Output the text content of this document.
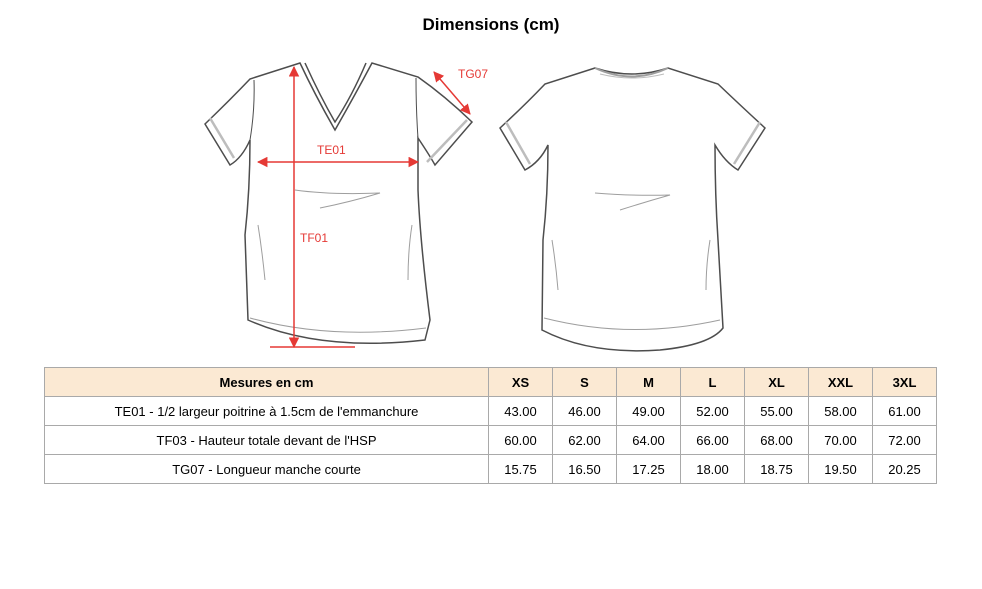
Dimensions (cm)
TE01
TF01
TG07
Mesures en cm	XS	S	M	L	XL	XXL	3XL
TE01 - 1/2 largeur poitrine à 1.5cm de l'emmanchure	43.00	46.00	49.00	52.00	55.00	58.00	61.00
TF03 - Hauteur totale devant de l'HSP	60.00	62.00	64.00	66.00	68.00	70.00	72.00
TG07 - Longueur manche courte	15.75	16.50	17.25	18.00	18.75	19.50	20.25
